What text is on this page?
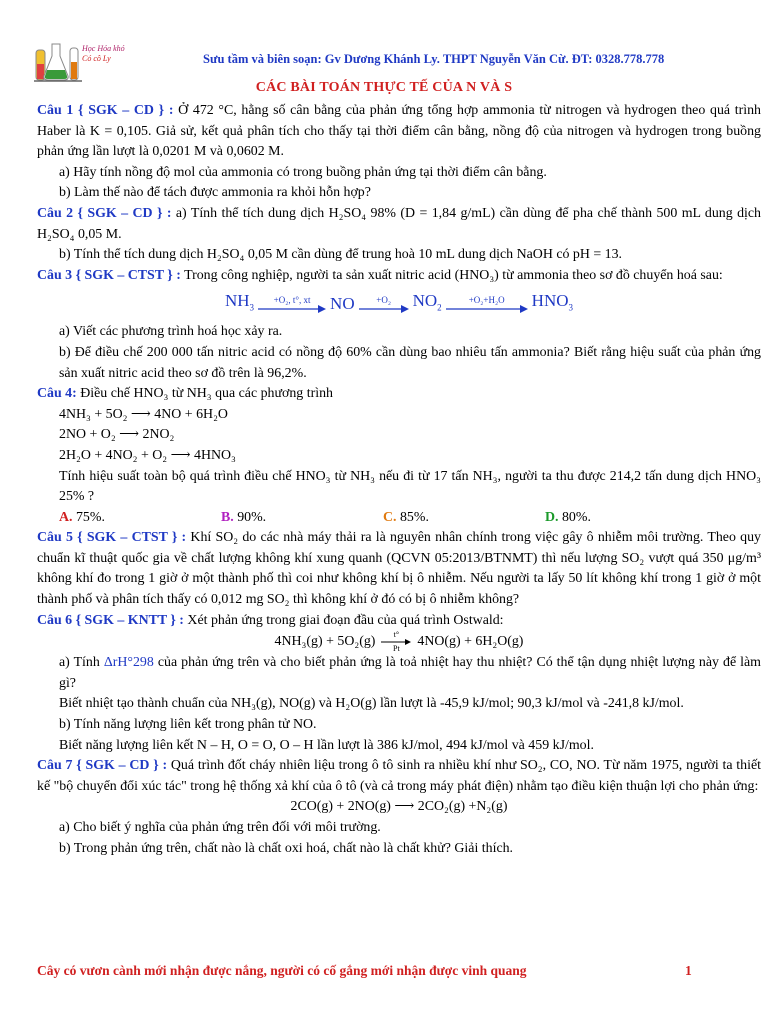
Học Hóa khó
Có cô Ly	Sưu tầm và biên soạn: Gv Dương Khánh Ly. THPT Nguyễn Văn Cừ. ĐT: 0328.778.778
CÁC BÀI TOÁN THỰC TẾ CỦA N VÀ S

Câu 1 { SGK – CD } : Ở 472 °C, hằng số cân bằng của phản ứng tổng hợp ammonia từ nitrogen và hydrogen theo quá trình Haber là K = 0,105. Giả sử, kết quả phân tích cho thấy tại thời điểm cân bằng, nồng độ của nitrogen và hydrogen trong buồng phản ứng lần lượt là 0,0201 M và 0,0602 M.

a) Hãy tính nồng độ mol của ammonia có trong buồng phản ứng tại thời điểm cân bằng.

b) Làm thế nào để tách được ammonia ra khỏi hỗn hợp?

Câu 2 { SGK – CD } : a) Tính thể tích dung dịch H₂SO₄ 98% (D = 1,84 g/mL) cần dùng để pha chế thành 500 mL dung dịch H₂SO₄ 0,05 M.

b) Tính thể tích dung dịch H₂SO₄ 0,05 M cần dùng để trung hoà 10 mL dung dịch NaOH có pH = 13.

Câu 3 { SGK – CTST } : Trong công nghiệp, người ta sản xuất nitric acid (HNO₃) từ ammonia theo sơ đồ chuyển hoá sau:

$NH_3$
+O₂, t°, xt NO +O₂ $NO_2$
+O₂+H₂O $HNO_3$

a) Viết các phương trình hoá học xảy ra.

b) Để điều chế 200 000 tấn nitric acid có nồng độ 60% cần dùng bao nhiêu tấn ammonia? Biết rằng hiệu suất của phản ứng sản xuất nitric acid theo sơ đồ trên là 96,2%.

Câu 4: Điều chế HNO₃ từ NH₃ qua các phương trình

4NH₃ + 5O₂ ⟶ 4NO + 6H₂O

2NO + O₂ ⟶ 2NO₂

2H₂O + 4NO₂ + O₂ ⟶ 4HNO₃

Tính hiệu suất toàn bộ quá trình điều chế HNO₃ từ NH₃ nếu đi từ 17 tấn NH₃, người ta thu được 214,2 tấn dung dịch HNO₃ 25% ?

A. 75%.	B. 90%.	C. 85%.	D. 80%.

Câu 5 { SGK – CTST } : Khí SO₂ do các nhà máy thải ra là nguyên nhân chính trong việc gây ô nhiễm môi trường. Theo quy chuẩn kĩ thuật quốc gia về chất lượng không khí xung quanh (QCVN 05:2013/BTNMT) thì nếu lượng SO₂ vượt quá 350 μg/m³ không khí đo trong 1 giờ ở một thành phố thì coi như không khí bị ô nhiễm. Nếu người ta lấy 50 lít không khí trong 1 giờ ở một thành phố và phân tích thấy có 0,012 mg SO₂ thì không khí ở đó có bị ô nhiễm không?

Câu 6 { SGK – KNTT } : Xét phản ứng trong giai đoạn đầu của quá trình Ostwald:

4NH₃(g) + 5O₂(g) t°
Pt 4NO(g) + 6H₂O(g)

a) Tính ΔrH°298 của phản ứng trên và cho biết phản ứng là toả nhiệt hay thu nhiệt? Có thể tận dụng nhiệt lượng này để làm gì?

Biết nhiệt tạo thành chuẩn của NH₃(g), NO(g) và H₂O(g) lần lượt là -45,9 kJ/mol; 90,3 kJ/mol và -241,8 kJ/mol.

b) Tính năng lượng liên kết trong phân tử NO.

Biết năng lượng liên kết N – H, O = O, O – H lần lượt là 386 kJ/mol, 494 kJ/mol và 459 kJ/mol.

Câu 7 { SGK – CD } : Quá trình đốt cháy nhiên liệu trong ô tô sinh ra nhiều khí như SO₂, CO, NO. Từ năm 1975, người ta thiết kế "bộ chuyển đổi xúc tác" trong hệ thống xả khí của ô tô (và cả trong máy phát điện) nhằm tạo điều kiện thuận lợi cho phản ứng:

2CO(g) + 2NO(g) ⟶ 2CO₂(g) +N₂(g)

a) Cho biết ý nghĩa của phản ứng trên đối với môi trường.

b) Trong phản ứng trên, chất nào là chất oxi hoá, chất nào là chất khử? Giải thích.

Cây có vươn cành mới nhận được nắng, người có cố gắng mới nhận được vinh quang	1
